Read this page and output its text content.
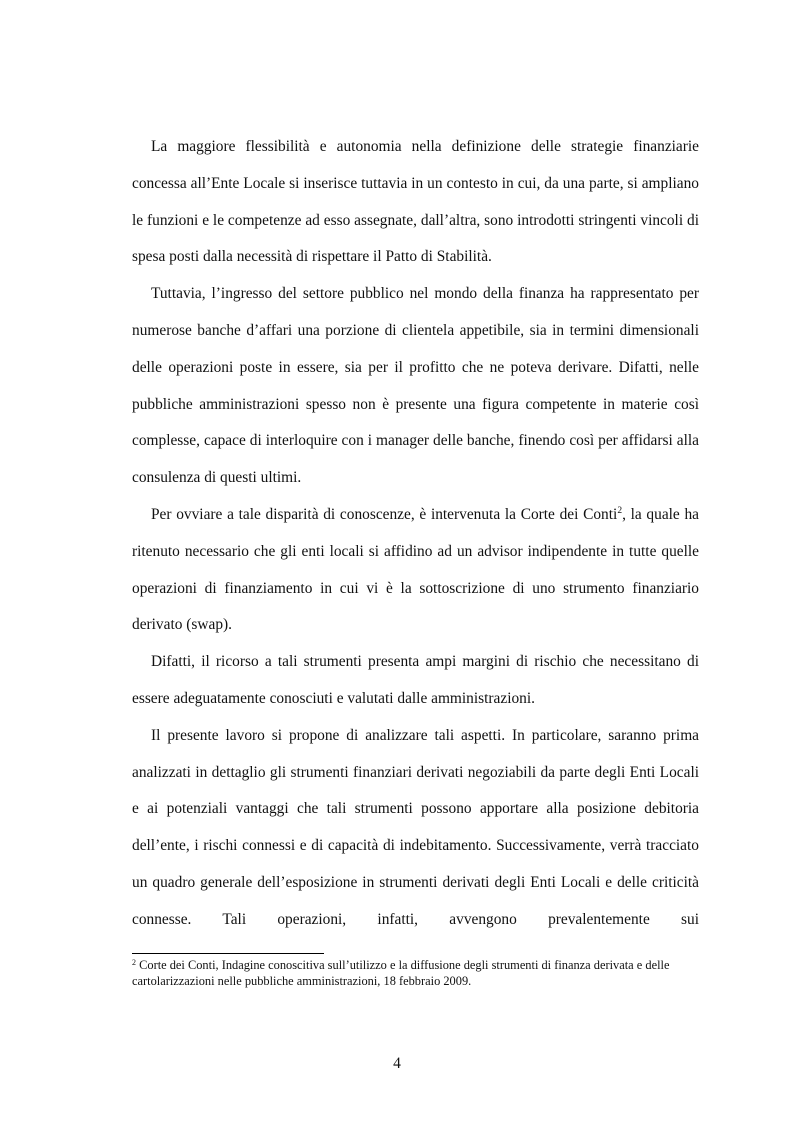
La maggiore flessibilità e autonomia nella definizione delle strategie finanziarie concessa all’Ente Locale si inserisce tuttavia in un contesto in cui, da una parte, si ampliano le funzioni e le competenze ad esso assegnate, dall’altra, sono introdotti stringenti vincoli di spesa posti dalla necessità di rispettare il Patto di Stabilità.

Tuttavia, l’ingresso del settore pubblico nel mondo della finanza ha rappresentato per numerose banche d’affari una porzione di clientela appetibile, sia in termini dimensionali delle operazioni poste in essere, sia per il profitto che ne poteva derivare. Difatti, nelle pubbliche amministrazioni spesso non è presente una figura competente in materie così complesse, capace di interloquire con i manager delle banche, finendo così per affidarsi alla consulenza di questi ultimi.

Per ovviare a tale disparità di conoscenze, è intervenuta la Corte dei Conti$^2$, la quale ha ritenuto necessario che gli enti locali si affidino ad un advisor indipendente in tutte quelle operazioni di finanziamento in cui vi è la sottoscrizione di uno strumento finanziario derivato (swap).

Difatti, il ricorso a tali strumenti presenta ampi margini di rischio che necessitano di essere adeguatamente conosciuti e valutati dalle amministrazioni.

Il presente lavoro si propone di analizzare tali aspetti. In particolare, saranno prima analizzati in dettaglio gli strumenti finanziari derivati negoziabili da parte degli Enti Locali e ai potenziali vantaggi che tali strumenti possono apportare alla posizione debitoria dell’ente, i rischi connessi e di capacità di indebitamento. Successivamente, verrà tracciato un quadro generale dell’esposizione in strumenti derivati degli Enti Locali e delle criticità connesse. Tali operazioni, infatti, avvengono prevalentemente sui

$^2$ Corte dei Conti, Indagine conoscitiva sull’utilizzo e la diffusione degli strumenti di finanza derivata e delle cartolarizzazioni nelle pubbliche amministrazioni, 18 febbraio 2009.
4
